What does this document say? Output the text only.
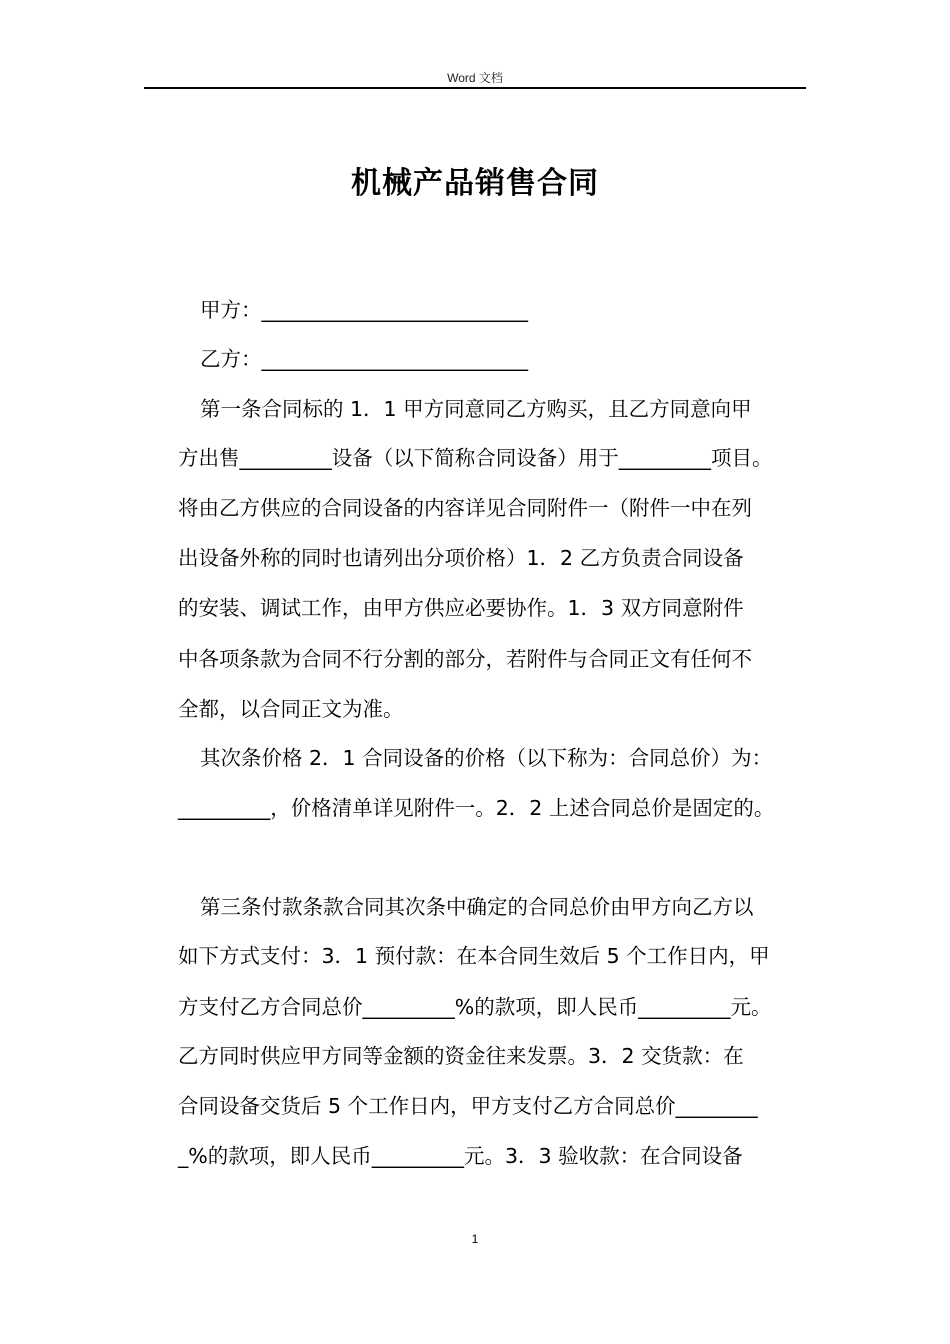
Word 文档
机械产品销售合同
甲方：__________________________
乙方：__________________________
第一条合同标的 1．1 甲方同意同乙方购买，且乙方同意向甲
方出售_________设备（以下简称合同设备）用于_________项目。
将由乙方供应的合同设备的内容详见合同附件一（附件一中在列
出设备外称的同时也请列出分项价格）1．2 乙方负责合同设备
的安装、调试工作，由甲方供应必要协作。1．3 双方同意附件
中各项条款为合同不行分割的部分，若附件与合同正文有任何不
全都，以合同正文为准。
其次条价格 2．1 合同设备的价格（以下称为：合同总价）为：
_________，价格清单详见附件一。2．2 上述合同总价是固定的。
第三条付款条款合同其次条中确定的合同总价由甲方向乙方以
如下方式支付：3．1 预付款：在本合同生效后 5 个工作日内，甲
方支付乙方合同总价_________%的款项，即人民币_________元。
乙方同时供应甲方同等金额的资金往来发票。3．2 交货款：在
合同设备交货后 5 个工作日内，甲方支付乙方合同总价________
_%的款项，即人民币_________元。3．3 验收款：在合同设备
1
